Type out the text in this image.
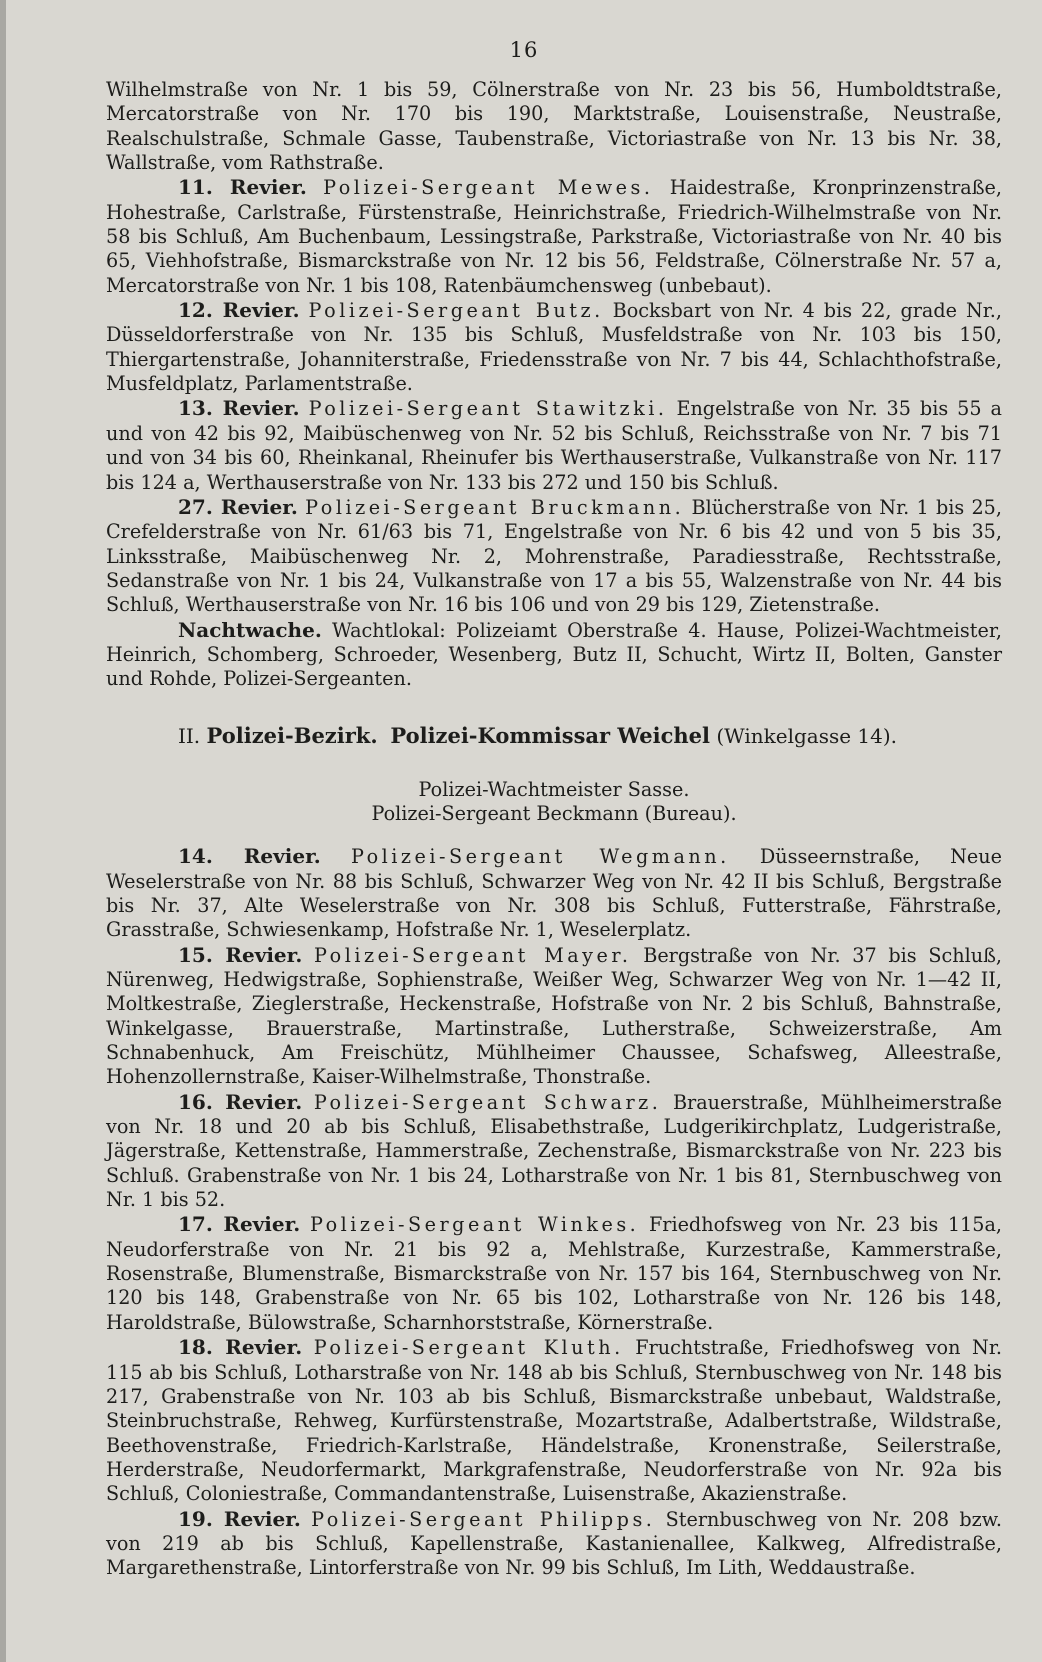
16

Wilhelmstraße von Nr. 1 bis 59, Cölnerstraße von Nr. 23 bis 56, Humboldtstraße, Mercatorstraße von Nr. 170 bis 190, Marktstraße, Louisenstraße, Neustraße, Realschulstraße, Schmale Gasse, Taubenstraße, Victoriastraße von Nr. 13 bis Nr. 38, Wallstraße, vom Rathstraße.

11. Revier. Polizei-Sergeant Mewes. Haidestraße, Kronprinzenstraße, Hohestraße, Carlstraße, Fürstenstraße, Heinrichstraße, Friedrich-Wilhelmstraße von Nr. 58 bis Schluß, Am Buchenbaum, Lessingstraße, Parkstraße, Victoriastraße von Nr. 40 bis 65, Viehhofstraße, Bismarckstraße von Nr. 12 bis 56, Feldstraße, Cölnerstraße Nr. 57 a, Mercatorstraße von Nr. 1 bis 108, Ratenbäumchensweg (unbebaut).

12. Revier. Polizei-Sergeant Butz. Bocksbart von Nr. 4 bis 22, grade Nr., Düsseldorferstraße von Nr. 135 bis Schluß, Musfeldstraße von Nr. 103 bis 150, Thiergartenstraße, Johanniterstraße, Friedensstraße von Nr. 7 bis 44, Schlachthofstraße, Musfeldplatz, Parlamentstraße.

13. Revier. Polizei-Sergeant Stawitzki. Engelstraße von Nr. 35 bis 55 a und von 42 bis 92, Maibüschenweg von Nr. 52 bis Schluß, Reichsstraße von Nr. 7 bis 71 und von 34 bis 60, Rheinkanal, Rheinufer bis Werthauserstraße, Vulkanstraße von Nr. 117 bis 124 a, Werthauserstraße von Nr. 133 bis 272 und 150 bis Schluß.

27. Revier. Polizei-Sergeant Bruckmann. Blücherstraße von Nr. 1 bis 25, Crefelderstraße von Nr. 61/63 bis 71, Engelstraße von Nr. 6 bis 42 und von 5 bis 35, Linksstraße, Maibüschenweg Nr. 2, Mohrenstraße, Paradiesstraße, Rechtsstraße, Sedanstraße von Nr. 1 bis 24, Vulkanstraße von 17 a bis 55, Walzenstraße von Nr. 44 bis Schluß, Werthauserstraße von Nr. 16 bis 106 und von 29 bis 129, Zietenstraße.

Nachtwache. Wachtlokal: Polizeiamt Oberstraße 4. Hause, Polizei-Wachtmeister, Heinrich, Schomberg, Schroeder, Wesenberg, Butz II, Schucht, Wirtz II, Bolten, Ganster und Rohde, Polizei-Sergeanten.

II. Polizei-Bezirk. Polizei-Kommissar Weichel (Winkelgasse 14).

Polizei-Wachtmeister Sasse.

Polizei-Sergeant Beckmann (Bureau).

14. Revier. Polizei-Sergeant Wegmann. Düsseernstraße, Neue Weselerstraße von Nr. 88 bis Schluß, Schwarzer Weg von Nr. 42 II bis Schluß, Bergstraße bis Nr. 37, Alte Weselerstraße von Nr. 308 bis Schluß, Futterstraße, Fährstraße, Grasstraße, Schwiesenkamp, Hofstraße Nr. 1, Weselerplatz.

15. Revier. Polizei-Sergeant Mayer. Bergstraße von Nr. 37 bis Schluß, Nürenweg, Hedwigstraße, Sophienstraße, Weißer Weg, Schwarzer Weg von Nr. 1—42 II, Moltkestraße, Zieglerstraße, Heckenstraße, Hofstraße von Nr. 2 bis Schluß, Bahnstraße, Winkelgasse, Brauerstraße, Martinstraße, Lutherstraße, Schweizerstraße, Am Schnabenhuck, Am Freischütz, Mühlheimer Chaussee, Schafsweg, Alleestraße, Hohenzollernstraße, Kaiser-Wilhelmstraße, Thonstraße.

16. Revier. Polizei-Sergeant Schwarz. Brauerstraße, Mühlheimerstraße von Nr. 18 und 20 ab bis Schluß, Elisabethstraße, Ludgerikirchplatz, Ludgeristraße, Jägerstraße, Kettenstraße, Hammerstraße, Zechenstraße, Bismarckstraße von Nr. 223 bis Schluß. Grabenstraße von Nr. 1 bis 24, Lotharstraße von Nr. 1 bis 81, Sternbuschweg von Nr. 1 bis 52.

17. Revier. Polizei-Sergeant Winkes. Friedhofsweg von Nr. 23 bis 115a, Neudorferstraße von Nr. 21 bis 92 a, Mehlstraße, Kurzestraße, Kammerstraße, Rosenstraße, Blumenstraße, Bismarckstraße von Nr. 157 bis 164, Sternbuschweg von Nr. 120 bis 148, Grabenstraße von Nr. 65 bis 102, Lotharstraße von Nr. 126 bis 148, Haroldstraße, Bülowstraße, Scharnhorststraße, Körnerstraße.

18. Revier. Polizei-Sergeant Kluth. Fruchtstraße, Friedhofsweg von Nr. 115 ab bis Schluß, Lotharstraße von Nr. 148 ab bis Schluß, Sternbuschweg von Nr. 148 bis 217, Grabenstraße von Nr. 103 ab bis Schluß, Bismarckstraße unbebaut, Waldstraße, Steinbruchstraße, Rehweg, Kurfürstenstraße, Mozartstraße, Adalbertstraße, Wildstraße, Beethovenstraße, Friedrich-Karlstraße, Händelstraße, Kronenstraße, Seilerstraße, Herderstraße, Neudorfermarkt, Markgrafenstraße, Neudorferstraße von Nr. 92a bis Schluß, Coloniestraße, Commandantenstraße, Luisenstraße, Akazienstraße.

19. Revier. Polizei-Sergeant Philipps. Sternbuschweg von Nr. 208 bzw. von 219 ab bis Schluß, Kapellenstraße, Kastanienallee, Kalkweg, Alfredistraße, Margarethenstraße, Lintorferstraße von Nr. 99 bis Schluß, Im Lith, Weddaustraße.
